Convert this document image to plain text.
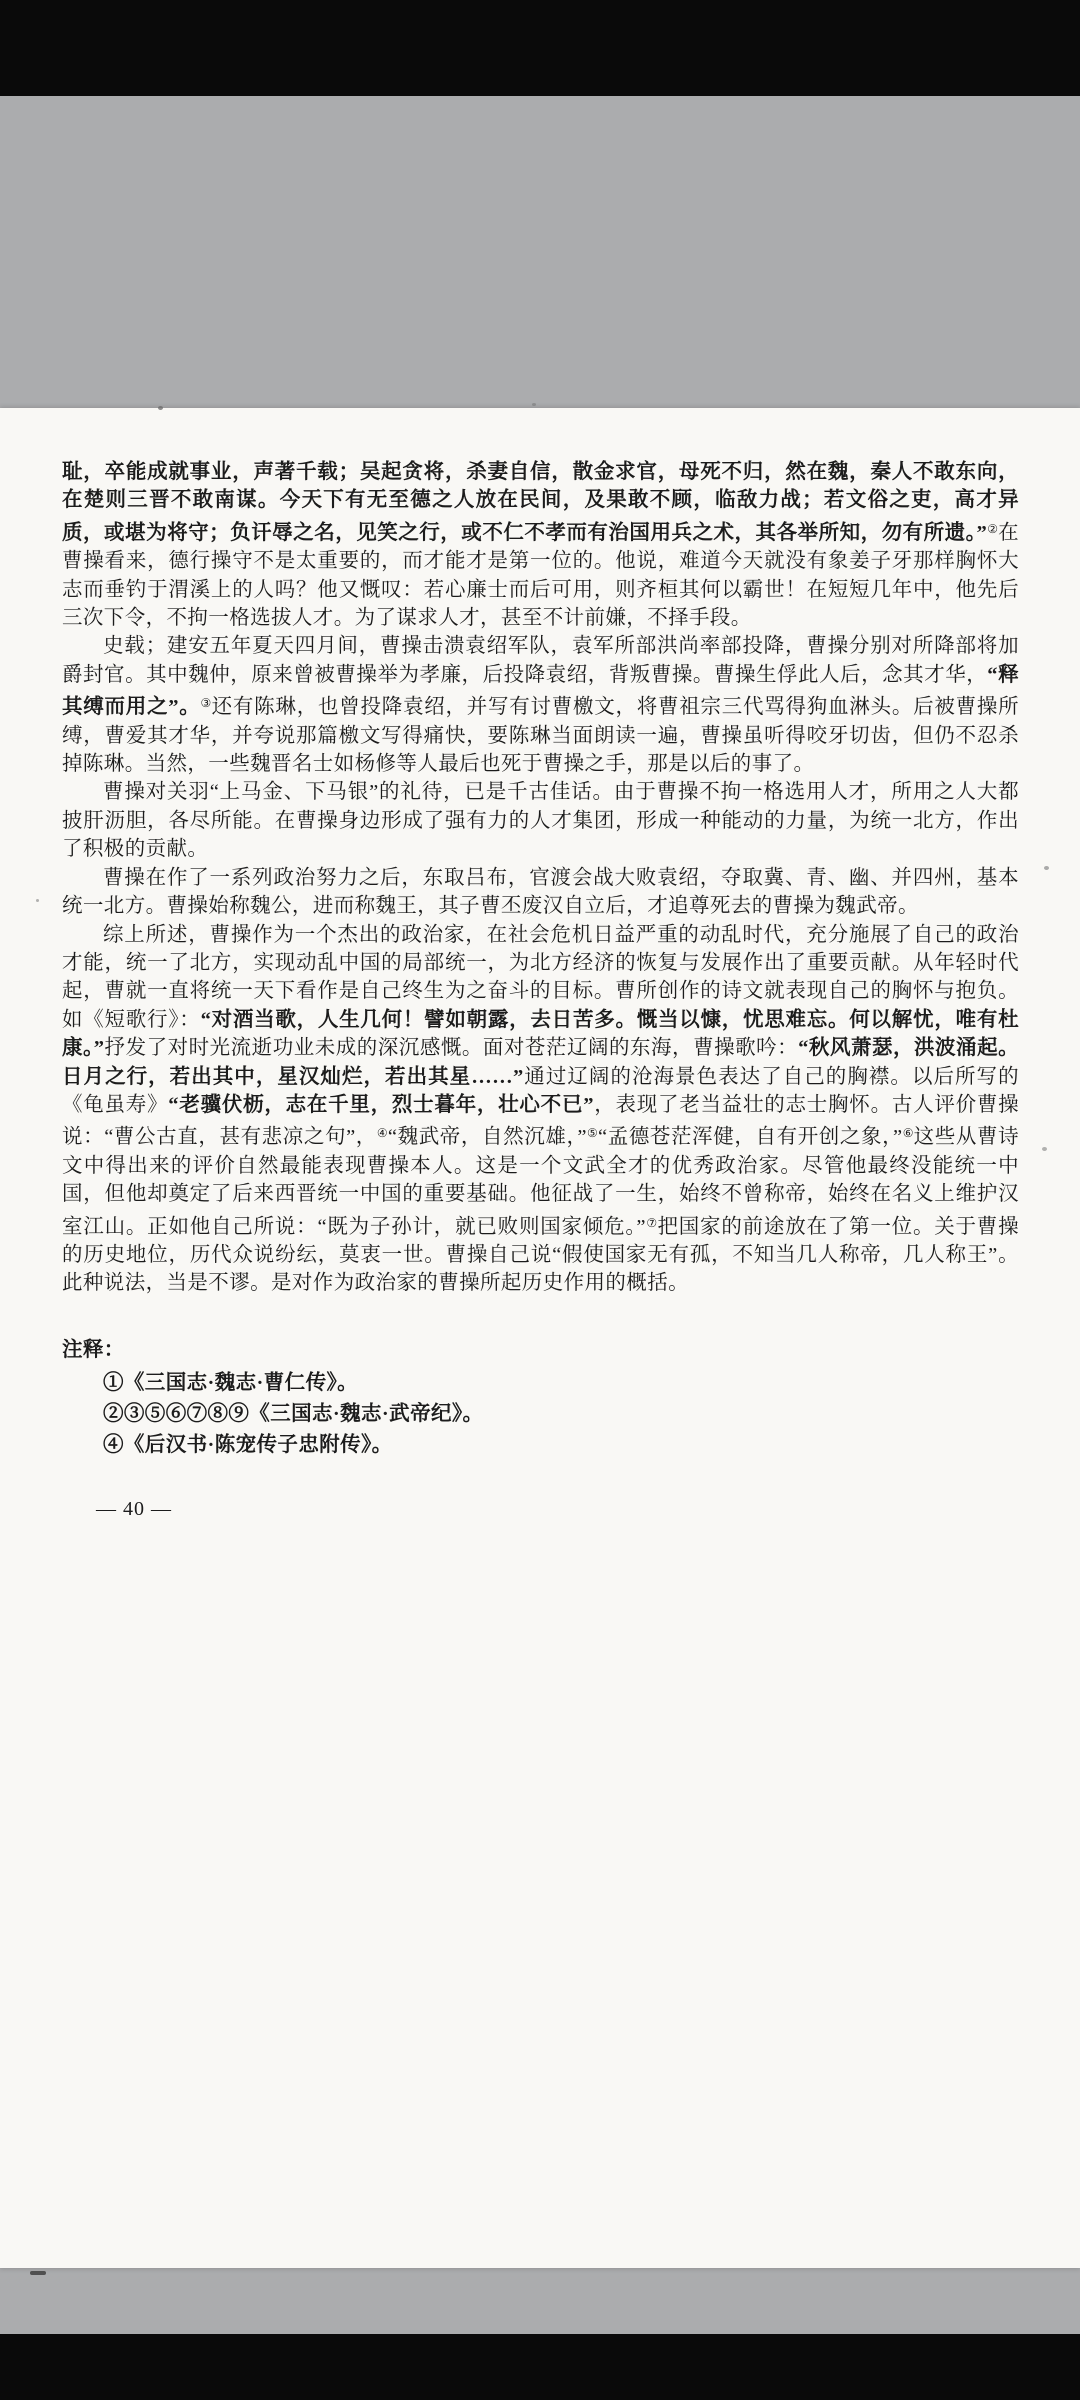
耻，卒能成就事业，声著千载；吴起贪将，杀妻自信，散金求官，母死不归，然在魏，秦人不敢东向，在楚则三晋不敢南谋。今天下有无至德之人放在民间，及果敢不顾，临敌力战；若文俗之吏，高才异质，或堪为将守；负讦辱之名，见笑之行，或不仁不孝而有治国用兵之术，其各举所知，勿有所遗。”②在曹操看来，德行操守不是太重要的，而才能才是第一位的。他说，难道今天就没有象姜子牙那样胸怀大志而垂钓于渭溪上的人吗？他又慨叹：若心廉士而后可用，则齐桓其何以霸世！在短短几年中，他先后三次下令，不拘一格选拔人才。为了谋求人才，甚至不计前嫌，不择手段。

史载；建安五年夏天四月间，曹操击溃袁绍军队，袁军所部洪尚率部投降，曹操分别对所降部将加爵封官。其中魏仲，原来曾被曹操举为孝廉，后投降袁绍，背叛曹操。曹操生俘此人后，念其才华，“释其缚而用之”。③还有陈琳，也曾投降袁绍，并写有讨曹檄文，将曹祖宗三代骂得狗血淋头。后被曹操所缚，曹爱其才华，并夸说那篇檄文写得痛快，要陈琳当面朗读一遍，曹操虽听得咬牙切齿，但仍不忍杀掉陈琳。当然，一些魏晋名士如杨修等人最后也死于曹操之手，那是以后的事了。

曹操对关羽“上马金、下马银”的礼待，已是千古佳话。由于曹操不拘一格选用人才，所用之人大都披肝沥胆，各尽所能。在曹操身边形成了强有力的人才集团，形成一种能动的力量，为统一北方，作出了积极的贡献。

曹操在作了一系列政治努力之后，东取吕布，官渡会战大败袁绍，夺取冀、青、幽、并四州，基本统一北方。曹操始称魏公，进而称魏王，其子曹丕废汉自立后，才追尊死去的曹操为魏武帝。

综上所述，曹操作为一个杰出的政治家，在社会危机日益严重的动乱时代，充分施展了自己的政治才能，统一了北方，实现动乱中国的局部统一，为北方经济的恢复与发展作出了重要贡献。从年轻时代起，曹就一直将统一天下看作是自己终生为之奋斗的目标。曹所创作的诗文就表现自己的胸怀与抱负。如《短歌行》：“对酒当歌，人生几何！譬如朝露，去日苦多。慨当以慷，忧思难忘。何以解忧，唯有杜康。”抒发了对时光流逝功业未成的深沉感慨。面对苍茫辽阔的东海，曹操歌吟：“秋风萧瑟，洪波涌起。日月之行，若出其中，星汉灿烂，若出其星……”通过辽阔的沧海景色表达了自己的胸襟。以后所写的《龟虽寿》“老骥伏枥，志在千里，烈士暮年，壮心不已”，表现了老当益壮的志士胸怀。古人评价曹操说：“曹公古直，甚有悲凉之句”，④“魏武帝，自然沉雄，”⑤“孟德苍茫浑健，自有开创之象，”⑥这些从曹诗文中得出来的评价自然最能表现曹操本人。这是一个文武全才的优秀政治家。尽管他最终没能统一中国，但他却奠定了后来西晋统一中国的重要基础。他征战了一生，始终不曾称帝，始终在名义上维护汉室江山。正如他自己所说：“既为子孙计，就已败则国家倾危。”⑦把国家的前途放在了第一位。关于曹操的历史地位，历代众说纷纭，莫衷一世。曹操自己说“假使国家无有孤，不知当几人称帝，几人称王”。此种说法，当是不谬。是对作为政治家的曹操所起历史作用的概括。

注释：

①《三国志·魏志·曹仁传》。

②③⑤⑥⑦⑧⑨《三国志·魏志·武帝纪》。

④《后汉书·陈宠传子忠附传》。

— 40 —
